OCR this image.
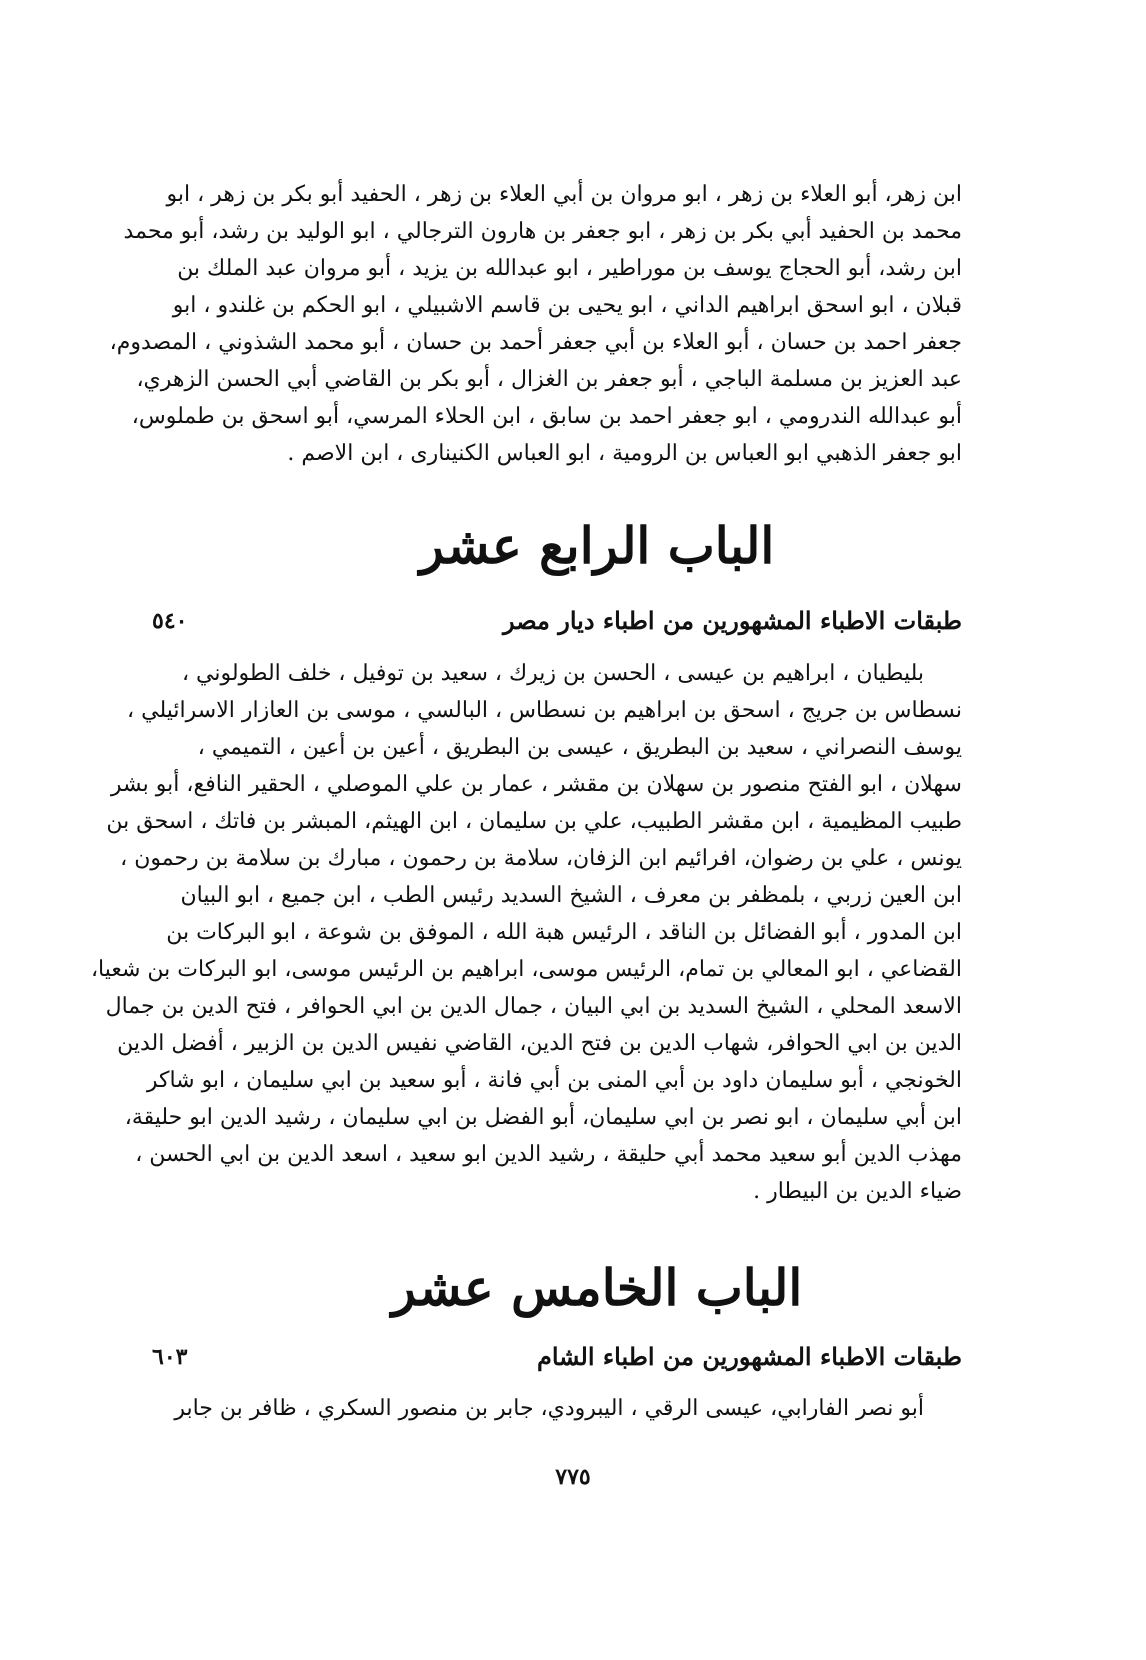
ابن زهر، أبو العلاء بن زهر ، ابو مروان بن أبي العلاء بن زهر ، الحفيد أبو بكر بن زهر ، ابو
محمد بن الحفيد أبي بكر بن زهر ، ابو جعفر بن هارون الترجالي ، ابو الوليد بن رشد، أبو محمد
ابن رشد، أبو الحجاج يوسف بن موراطير ، ابو عبدالله بن يزيد ، أبو مروان عبد الملك بن
قبلان ، ابو اسحق ابراهيم الداني ، ابو يحيى بن قاسم الاشبيلي ، ابو الحكم بن غلندو ، ابو
جعفر احمد بن حسان ، أبو العلاء بن أبي جعفر أحمد بن حسان ، أبو محمد الشذوني ، المصدوم،
عبد العزيز بن مسلمة الباجي ، أبو جعفر بن الغزال ، أبو بكر بن القاضي أبي الحسن الزهري،
أبو عبدالله الندرومي ، ابو جعفر احمد بن سابق ، ابن الحلاء المرسي، أبو اسحق بن طملوس،
ابو جعفر الذهبي ابو العباس بن الرومية ، ابو العباس الكنينارى ، ابن الاصم .
الباب الرابع عشر
طبقات الاطباء المشهورين من اطباء ديار مصر
٥٤٠
بليطيان ، ابراهيم بن عيسى ، الحسن بن زيرك ، سعيد بن توفيل ، خلف الطولوني ،
نسطاس بن جريج ، اسحق بن ابراهيم بن نسطاس ، البالسي ، موسى بن العازار الاسرائيلي ،
يوسف النصراني ، سعيد بن البطريق ، عيسى بن البطريق ، أعين بن أعين ، التميمي ،
سهلان ، ابو الفتح منصور بن سهلان بن مقشر ، عمار بن علي الموصلي ، الحقير النافع، أبو بشر
طبيب المظيمية ، ابن مقشر الطبيب، علي بن سليمان ، ابن الهيثم، المبشر بن فاتك ، اسحق بن
يونس ، علي بن رضوان، افرائيم ابن الزفان، سلامة بن رحمون ، مبارك بن سلامة بن رحمون ،
ابن العين زربي ، بلمظفر بن معرف ، الشيخ السديد رئيس الطب ، ابن جميع ، ابو البيان
ابن المدور ، أبو الفضائل بن الناقد ، الرئيس هبة الله ، الموفق بن شوعة ، ابو البركات بن
القضاعي ، ابو المعالي بن تمام، الرئيس موسى، ابراهيم بن الرئيس موسى، ابو البركات بن شعيا،
الاسعد المحلي ، الشيخ السديد بن ابي البيان ، جمال الدين بن ابي الحوافر ، فتح الدين بن جمال
الدين بن ابي الحوافر، شهاب الدين بن فتح الدين، القاضي نفيس الدين بن الزبير ، أفضل الدين
الخونجي ، أبو سليمان داود بن أبي المنى بن أبي فانة ، أبو سعيد بن ابي سليمان ، ابو شاكر
ابن أبي سليمان ، ابو نصر بن ابي سليمان، أبو الفضل بن ابي سليمان ، رشيد الدين ابو حليقة،
مهذب الدين أبو سعيد محمد أبي حليقة ، رشيد الدين ابو سعيد ، اسعد الدين بن ابي الحسن ،
ضياء الدين بن البيطار .
الباب الخامس عشر
طبقات الاطباء المشهورين من اطباء الشام
٦٠٣
أبو نصر الفارابي، عيسى الرقي ، اليبرودي، جابر بن منصور السكري ، ظافر بن جابر
٧٧٥
